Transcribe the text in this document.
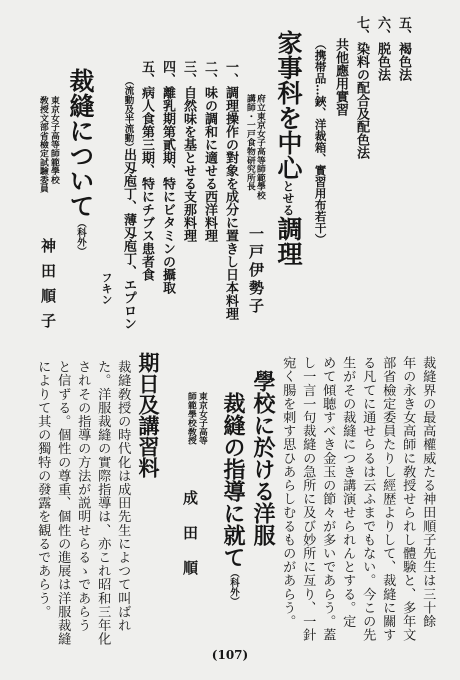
五、褐色法
六、脱色法
七、染料の配合及配色法
共他應用實習
（携帯品…鋏、洋裁箱、實習用布若干）
家事科を中心とせる調理
府立東京女子高等師範學校
講師・一戸食物研究所長
一戸伊勢子
一、調理操作の對象を成分に置きし日本料理
二、味の調和に適せる西洋料理
三、自然味を基とせる支那料理
四、離乳期第貳期、特にビタミンの攝取
五、病人食第三期、特にチブス患者食
（流動及半流動）
出刄庖丁、薄刄庖丁、エプロン
フキン
裁縫について（科外）
東京女子高等師範學校
敎授文部省檢定試驗委員
神田順子
裁縫界の最高權威たる神田順子先生は三十餘
年の永き女高師に敎授せられし體験と、多年文
部省檢定委員たりし經歴よりして、裁縫に關す
る凡てに通せらるは云ふまでもない。今この先
生がその裁縫につき講演せられんとする。定
めて傾聴すべき金玉の節々が多いであらう。蓋
し一言一句裁縫の急所に及び妙所に亙り、一針
宛く腸を刺す思ひあらしむるものがあらう。
學校に於ける洋服
裁縫の指導に就て（科外）
東京女子高等
師範學校敎授
成田順
期日及講習料
裁縫敎授の時代化は成田先生によつて叫ばれ
た。洋服裁縫の實際指導は、亦これ昭和三年化
されその指導の方法が説明せらるゝであらう
と信ずる。個性の尊重、個性の進展は洋服裁縫
によりて其の獨特の發露を観るであらう。
(107)
